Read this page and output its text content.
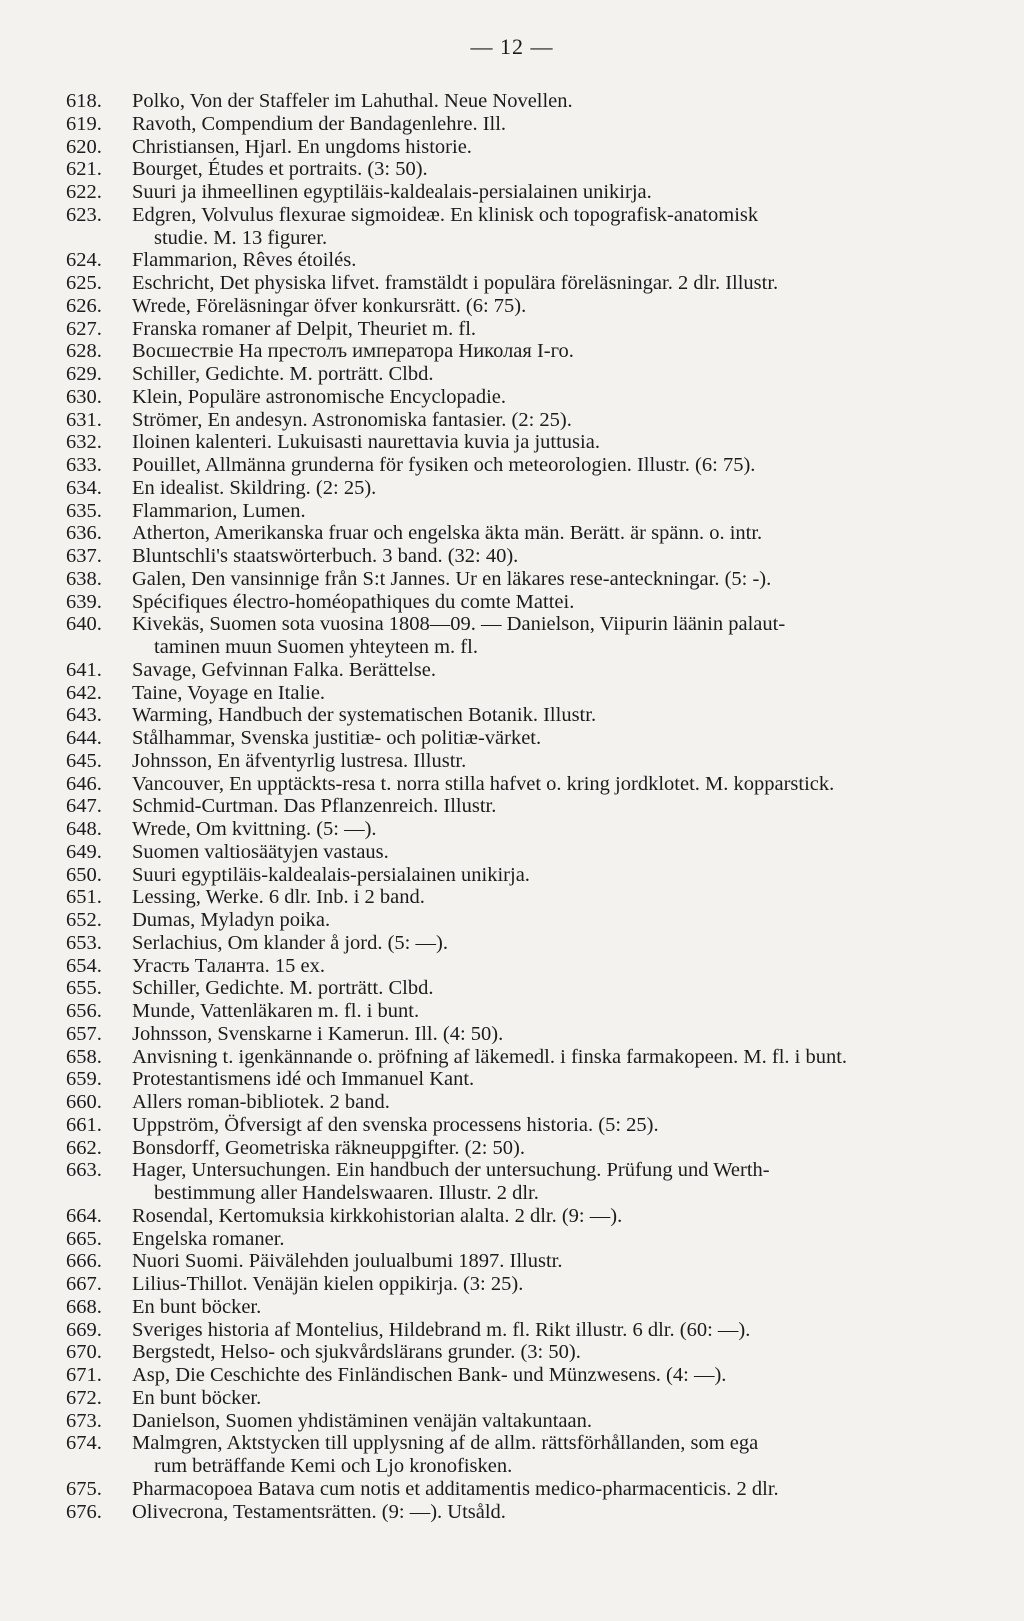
— 12 —
618.	Polko, Von der Staffeler im Lahuthal. Neue Novellen.
619.	Ravoth, Compendium der Bandagenlehre. Ill.
620.	Christiansen, Hjarl. En ungdoms historie.
621.	Bourget, Études et portraits. (3: 50).
622.	Suuri ja ihmeellinen egyptiläis-kaldealais-persialainen unikirja.
623.	Edgren, Volvulus flexurae sigmoideæ. En klinisk och topografisk-anatomisk
studie. M. 13 figurer.
624.	Flammarion, Rêves étoilés.
625.	Eschricht, Det physiska lifvet. framstäldt i populära föreläsningar. 2 dlr. Illustr.
626.	Wrede, Föreläsningar öfver konkursrätt. (6: 75).
627.	Franska romaner af Delpit, Theuriet m. fl.
628.	Восшествiе На престолъ императора Николая I-го.
629.	Schiller, Gedichte. M. porträtt. Clbd.
630.	Klein, Populäre astronomische Encyclopadie.
631.	Strömer, En andesyn. Astronomiska fantasier. (2: 25).
632.	Iloinen kalenteri. Lukuisasti naurettavia kuvia ja juttusia.
633.	Pouillet, Allmänna grunderna för fysiken och meteorologien. Illustr. (6: 75).
634.	En idealist. Skildring. (2: 25).
635.	Flammarion, Lumen.
636.	Atherton, Amerikanska fruar och engelska äkta män. Berätt. är spänn. o. intr.
637.	Bluntschli's staatswörterbuch. 3 band. (32: 40).
638.	Galen, Den vansinnige från S:t Jannes. Ur en läkares rese-anteckningar. (5: -).
639.	Spécifiques électro-homéopathiques du comte Mattei.
640.	Kivekäs, Suomen sota vuosina 1808—09. — Danielson, Viipurin läänin palaut-
taminen muun Suomen yhteyteen m. fl.
641.	Savage, Gefvinnan Falka. Berättelse.
642.	Taine, Voyage en Italie.
643.	Warming, Handbuch der systematischen Botanik. Illustr.
644.	Stålhammar, Svenska justitiæ- och politiæ-värket.
645.	Johnsson, En äfventyrlig lustresa. Illustr.
646.	Vancouver, En upptäckts-resa t. norra stilla hafvet o. kring jordklotet. M. kopparstick.
647.	Schmid-Curtman. Das Pflanzenreich. Illustr.
648.	Wrede, Om kvittning. (5: —).
649.	Suomen valtiosäätyjen vastaus.
650.	Suuri egyptiläis-kaldealais-persialainen unikirja.
651.	Lessing, Werke. 6 dlr. Inb. i 2 band.
652.	Dumas, Myladyn poika.
653.	Serlachius, Om klander å jord. (5: —).
654.	Угасть Таланта. 15 ex.
655.	Schiller, Gedichte. M. porträtt. Clbd.
656.	Munde, Vattenläkaren m. fl. i bunt.
657.	Johnsson, Svenskarne i Kamerun. Ill. (4: 50).
658.	Anvisning t. igenkännande o. pröfning af läkemedl. i finska farmakopeen. M. fl. i bunt.
659.	Protestantismens idé och Immanuel Kant.
660.	Allers roman-bibliotek. 2 band.
661.	Uppström, Öfversigt af den svenska processens historia. (5: 25).
662.	Bonsdorff, Geometriska räkneuppgifter. (2: 50).
663.	Hager, Untersuchungen. Ein handbuch der untersuchung. Prüfung und Werth-
bestimmung aller Handelswaaren. Illustr. 2 dlr.
664.	Rosendal, Kertomuksia kirkkohistorian alalta. 2 dlr. (9: —).
665.	Engelska romaner.
666.	Nuori Suomi. Päivälehden joulualbumi 1897. Illustr.
667.	Lilius-Thillot. Venäjän kielen oppikirja. (3: 25).
668.	En bunt böcker.
669.	Sveriges historia af Montelius, Hildebrand m. fl. Rikt illustr. 6 dlr. (60: —).
670.	Bergstedt, Helso- och sjukvårdslärans grunder. (3: 50).
671.	Asp, Die Ceschichte des Finländischen Bank- und Münzwesens. (4: —).
672.	En bunt böcker.
673.	Danielson, Suomen yhdistäminen venäjän valtakuntaan.
674.	Malmgren, Aktstycken till upplysning af de allm. rättsförhållanden, som ega
rum beträffande Kemi och Ljo kronofisken.
675.	Pharmacopoea Batava cum notis et additamentis medico-pharmacenticis. 2 dlr.
676.	Olivecrona, Testamentsrätten. (9: —). Utsåld.
